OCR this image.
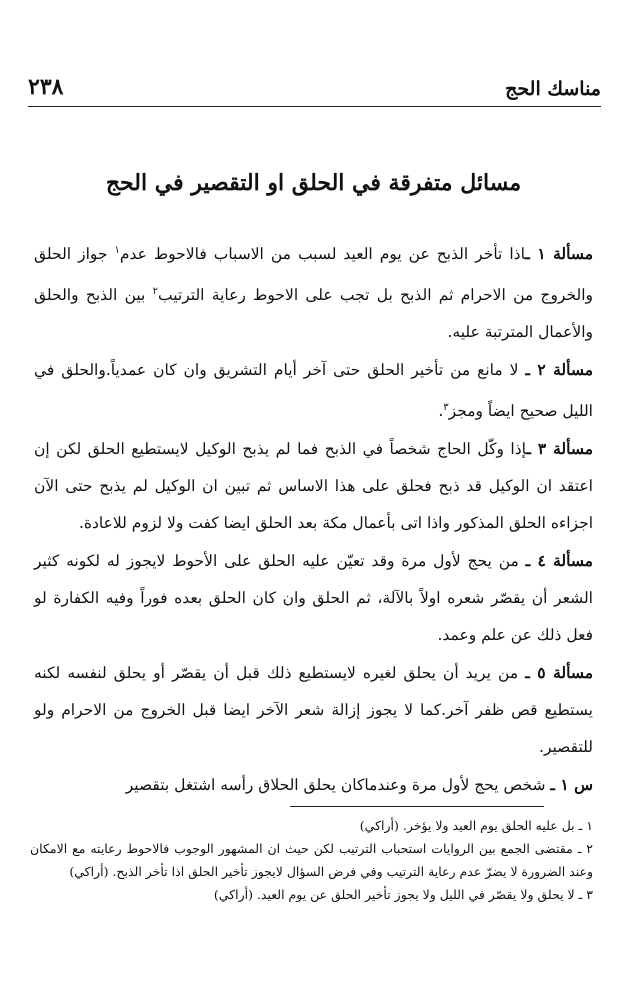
مناسك الحج
٢٣٨
مسائل متفرقة في الحلق او التقصير في الحج

مسألة ١ ـاذا تأخر الذبح عن يوم العيد لسبب من الاسباب فالاحوط عدم$^١$ جواز الحلق والخروج من الاحرام ثم الذبح بل تجب على الاحوط رعاية الترتيب$^٢$ بين الذبح والحلق والأعمال المترتبة عليه.

مسألة ٢ ـ لا مانع من تأخير الحلق حتى آخر أيام التشريق وان كان عمدياً.والحلق في الليل صحيح ايضاً ومجز$^٣$.

مسألة ٣ ـإذا وكّل الحاج شخصاً في الذبح فما لم يذبح الوكيل لايستطيع الحلق لكن إن اعتقد ان الوكيل قد ذبح فحلق على هذا الاساس ثم تبين ان الوكيل لم يذبح حتى الآن اجزاءه الحلق المذكور واذا اتى بأعمال مكة بعد الحلق ايضا كفت ولا لزوم للاعادة.

مسألة ٤ ـ من يحج لأول مرة وقد تعيّن عليه الحلق على الأحوط لايجوز له لكونه كثير الشعر أن يقصّر شعره اولاً بالآلة، ثم الحلق وان كان الحلق بعده فوراً وفيه الكفارة لو فعل ذلك عن علم وعمد.

مسألة ٥ ـ من يريد أن يحلق لغيره لايستطيع ذلك قبل أن يقصّر أو يحلق لنفسه لكنه يستطيع قص ظفر آخر.كما لا يجوز إزالة شعر الآخر ايضا قبل الخروج من الاحرام ولو للتقصير.

س ١ ـ شخص يحج لأول مرة وعندماكان يحلق الحلاق رأسه اشتغل بتقصير

١ ـ بل عليه الحلق يوم العيد ولا يؤخر. (أراكي)

٢ ـ مقتضى الجمع بين الروايات استحباب الترتيب لكن حيث ان المشهور الوجوب فالاحوط رعايته مع الامكان وعند الضرورة لا يضرّ عدم رعاية الترتيب وفي فرض السؤال لايجوز تأخير الحلق اذا تأخر الذبح. (أراكي)

٣ ـ لا يحلق ولا يقصّر في الليل ولا يجوز تأخير الحلق عن يوم العيد. (أراكي)
